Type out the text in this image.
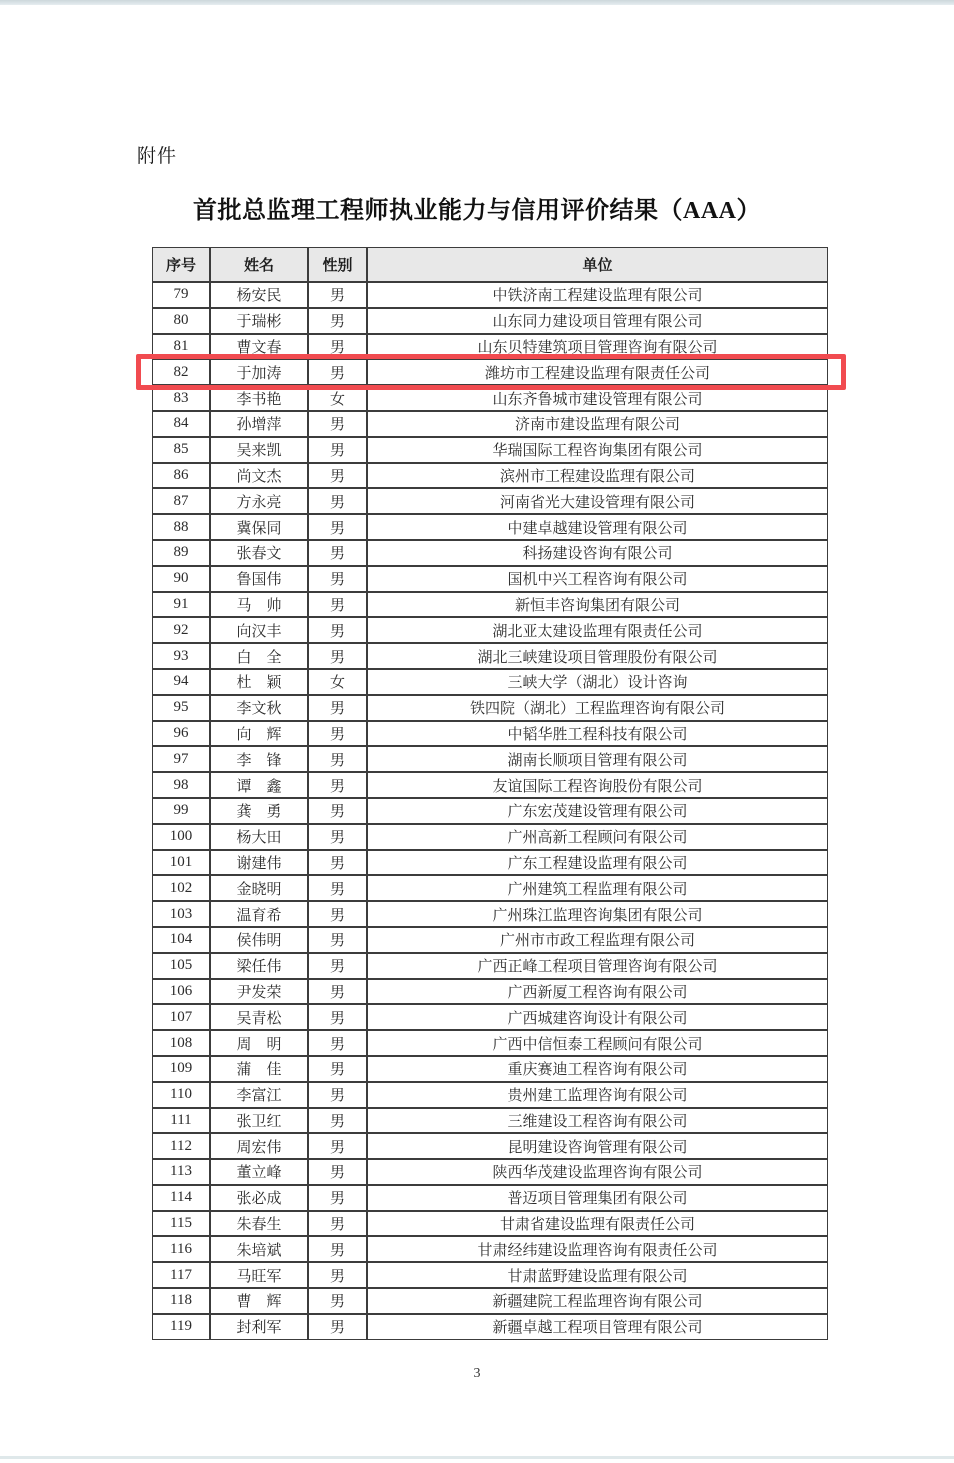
附件
首批总监理工程师执业能力与信用评价结果（AAA）
序号	姓名	性别	单位
79	杨安民	男	中铁济南工程建设监理有限公司
80	于瑞彬	男	山东同力建设项目管理有限公司
81	曹文春	男	山东贝特建筑项目管理咨询有限公司
82	于加涛	男	潍坊市工程建设监理有限责任公司
83	李书艳	女	山东齐鲁城市建设管理有限公司
84	孙增萍	男	济南市建设监理有限公司
85	吴来凯	男	华瑞国际工程咨询集团有限公司
86	尚文杰	男	滨州市工程建设监理有限公司
87	方永亮	男	河南省光大建设管理有限公司
88	冀保同	男	中建卓越建设管理有限公司
89	张春文	男	科扬建设咨询有限公司
90	鲁国伟	男	国机中兴工程咨询有限公司
91	马　帅	男	新恒丰咨询集团有限公司
92	向汉丰	男	湖北亚太建设监理有限责任公司
93	白　全	男	湖北三峡建设项目管理股份有限公司
94	杜　颖	女	三峡大学（湖北）设计咨询
95	李文秋	男	铁四院（湖北）工程监理咨询有限公司
96	向　辉	男	中韬华胜工程科技有限公司
97	李　锋	男	湖南长顺项目管理有限公司
98	谭　鑫	男	友谊国际工程咨询股份有限公司
99	龚　勇	男	广东宏茂建设管理有限公司
100	杨大田	男	广州高新工程顾问有限公司
101	谢建伟	男	广东工程建设监理有限公司
102	金晓明	男	广州建筑工程监理有限公司
103	温育希	男	广州珠江监理咨询集团有限公司
104	侯伟明	男	广州市市政工程监理有限公司
105	梁任伟	男	广西正峰工程项目管理咨询有限公司
106	尹发荣	男	广西新厦工程咨询有限公司
107	吴青松	男	广西城建咨询设计有限公司
108	周　明	男	广西中信恒泰工程顾问有限公司
109	蒲　佳	男	重庆赛迪工程咨询有限公司
110	李富江	男	贵州建工监理咨询有限公司
111	张卫红	男	三维建设工程咨询有限公司
112	周宏伟	男	昆明建设咨询管理有限公司
113	董立峰	男	陕西华茂建设监理咨询有限公司
114	张必成	男	普迈项目管理集团有限公司
115	朱春生	男	甘肃省建设监理有限责任公司
116	朱培斌	男	甘肃经纬建设监理咨询有限责任公司
117	马旺军	男	甘肃蓝野建设监理有限公司
118	曹　辉	男	新疆建院工程监理咨询有限公司
119	封利军	男	新疆卓越工程项目管理有限公司
3
